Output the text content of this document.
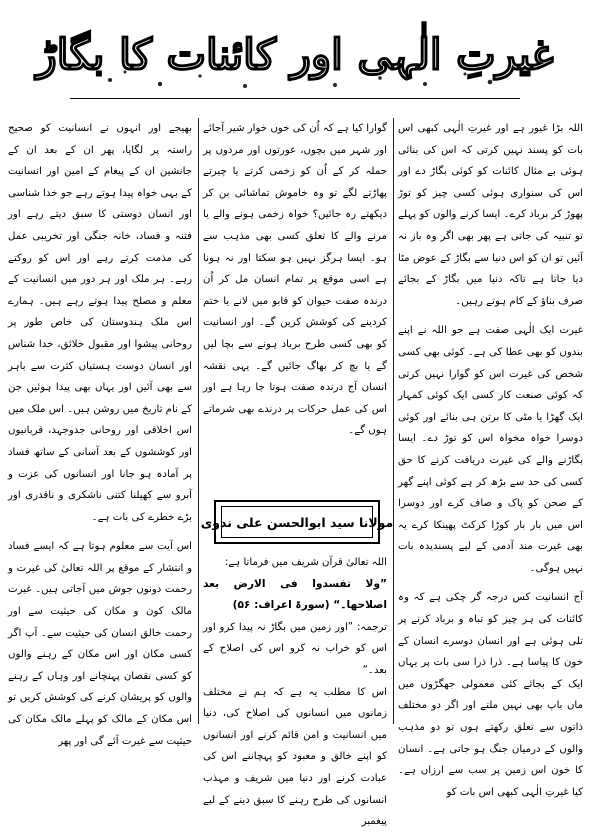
غیرتِ الٰہی اور کائنات کا بگاڑ

اللہ بڑا غیور ہے اور غیرتِ الٰہی کبھی اس بات کو پسند نہیں کرتی کہ اس کی بنائی ہوئی بے مثال کائنات کو کوئی بگاڑ دے اور اس کی سنواری ہوئی کسی چیز کو توڑ پھوڑ کر برباد کرے۔ ایسا کرنے والوں کو پہلے تو تنبیہ کی جاتی ہے پھر بھی اگر وہ باز نہ آئیں تو ان کو اس دنیا سے بگاڑ کے عوض مٹا دیا جاتا ہے تاکہ دنیا میں بگاڑ کے بجائے صرف بناؤ کے کام ہوتے رہیں۔

غیرت ایک الٰہی صفت ہے جو اللہ نے اپنے بندوں کو بھی عطا کی ہے۔ کوئی بھی کسی شخص کی غیرت اس کو گوارا نہیں کرتی کہ کوئی صنعت کار کسی ایک کوئی کمہار ایک گھڑا یا مٹی کا برتن ہی بنائے اور کوئی دوسرا خواہ مخواہ اس کو توڑ دے۔ ایسا بگاڑنے والے کی غیرت دریافت کرنے کا حق کسی کی حد سے بڑھ کر ہے کوئی اپنے گھر کے صحن کو پاک و صاف کرے اور دوسرا اس میں بار بار کوڑا کرکٹ پھینکا کرے یہ بھی غیرت مند آدمی کے لیے پسندیدہ بات نہیں ہوگی۔

آج انسانیت کس درجہ گر چکی ہے کہ وہ کائنات کی ہر چیز کو تباہ و برباد کرنے پر تلی ہوئی ہے اور انسان دوسرے انسان کے خون کا پیاسا ہے۔ ذرا ذرا سی بات پر یہاں ایک کے بجائے کئی معمولی جھگڑوں میں ماں باپ بھی نہیں ملتے اور اگر دو مختلف ذاتوں سے تعلق رکھتے ہوں تو دو مذہب والوں کے درمیان جنگ ہو جاتی ہے۔ انسان کا خون اس زمین پر سب سے ارزاں ہے۔ کیا غیرتِ الٰہی کبھی اس بات کو

گوارا کیا ہے کہ اُن کی خوں خوار شیر آجائے اور شہر میں بچوں، عورتوں اور مردوں پر حملہ کر کے اُن کو زخمی کرتے یا چیرتے پھاڑتے لگے تو وہ خاموش تماشائی بن کر دیکھتے رہ جائیں؟ خواہ زخمی ہونے والے یا مرنے والے کا تعلق کسی بھی مذہب سے ہو۔ ایسا ہرگز نہیں ہو سکتا اور نہ ہونا ہے اسی موقع پر تمام انسان مل کر اُن درندہ صفت حیوان کو قابو میں لانے یا ختم کردینے کی کوشش کریں گے۔ اور انسانیت کو بھی کسی طرح برباد ہونے سے بچا لیں گے یا بچ کر بھاگ جائیں گے۔ یہی نقشہ انسان آج درندہ صفت ہوتا جا رہا ہے اور اس کی عمل حرکات پر درندے بھی شرماتے ہوں گے۔

مولانا سید ابوالحسن علی ندوی

اللہ تعالیٰ قرآن شریف میں فرماتا ہے:

”ولا تفسدوا فی الارض بعد اصلاحھا۔“ (سورۃ اعراف: ۵۶)

ترجمہ: ”اور زمین میں بگاڑ نہ پیدا کرو اور اس کو خراب نہ کرو اس کی اصلاح کے بعد۔“

اس کا مطلب یہ ہے کہ ہم نے مختلف زمانوں میں انسانوں کی اصلاح کی، دنیا میں انسانیت و امن قائم کرنے اور انسانوں کو اپنے خالق و معبود کو پہچاننے اس کی عبادت کرنے اور دنیا میں شریف و مہذب انسانوں کی طرح رہنے کا سبق دینے کے لیے پیغمبر

بھیجے اور انہوں نے انسانیت کو صحیح راستہ پر لگایا، پھر ان کے بعد ان کے جانشین ان کے پیغام کے امین اور انسانیت کے بہی خواہ پیدا ہوتے رہے جو خدا شناسی اور انسان دوستی کا سبق دیتے رہے اور فتنہ و فساد، خانہ جنگی اور تخریبی عمل کی مذمت کرتے رہے اور اس کو روکتے رہے۔ ہر ملک اور ہر دور میں انسانیت کے معلم و مصلح پیدا ہوتے رہے ہیں۔ ہمارے اس ملک ہندوستان کی خاص طور پر روحانی پیشوا اور مقبول خلائق، خدا شناس اور انسان دوست ہستیاں کثرت سے باہر سے بھی آئیں اور یہاں بھی پیدا ہوئیں جن کے نام تاریخ میں روشن ہیں۔ اس ملک میں اس اخلاقی اور روحانی جدوجہد، قربانیوں اور کوششوں کے بعد آسانی کے ساتھ فساد پر آمادہ ہو جانا اور انسانوں کی عزت و آبرو سے کھیلنا کتنی ناشکری و ناقدری اور بڑے خطرے کی بات ہے۔

اس آیت سے معلوم ہوتا ہے کہ ایسے فساد و انتشار کے موقع پر اللہ تعالیٰ کی غیرت و رحمت دونوں جوش میں آجاتی ہیں۔ غیرت مالک کون و مکان کی حیثیت سے اور رحمت خالق انسان کی حیثیت سے۔ آپ اگر کسی مکان اور اس مکان کے رہنے والوں کو کسی نقصان پہنچانے اور وہاں کے رہنے والوں کو پریشان کرنے کی کوشش کریں تو اس مکان کے مالک کو پہلے مالک مکان کی حیثیت سے غیرت آئے گی اور پھر
